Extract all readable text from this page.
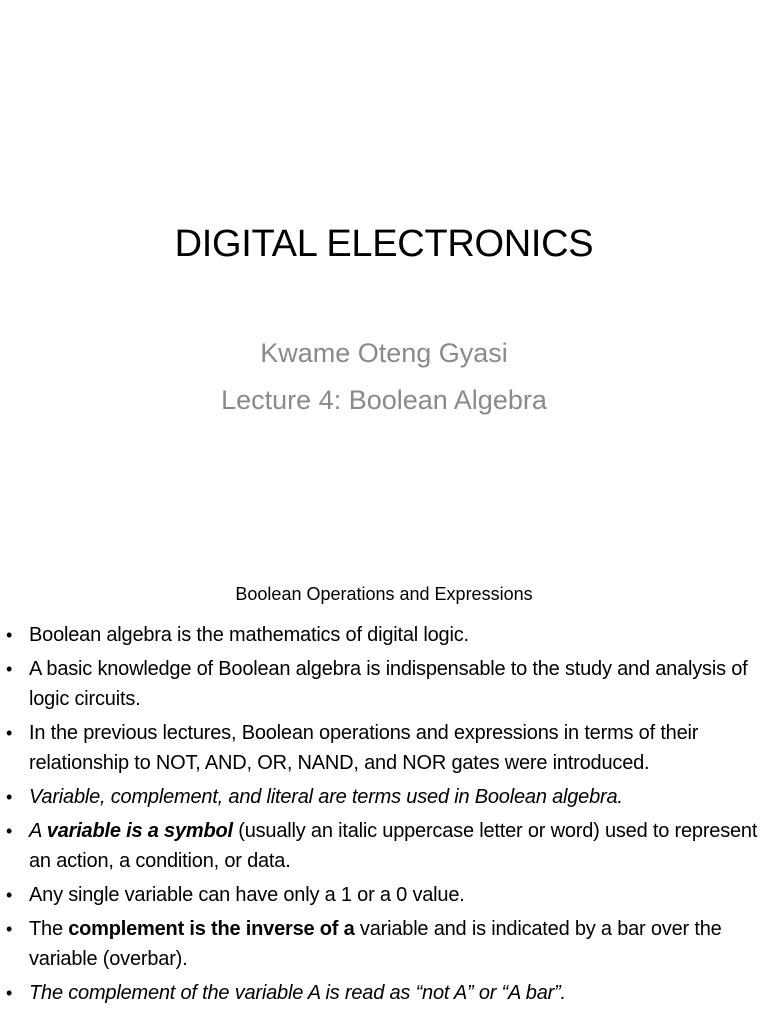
DIGITAL ELECTRONICS
Kwame Oteng Gyasi
Lecture 4: Boolean Algebra
Boolean Operations and Expressions
• Boolean algebra is the mathematics of digital logic.
• A basic knowledge of Boolean algebra is indispensable to the study and analysis of logic circuits.
• In the previous lectures, Boolean operations and expressions in terms of their relationship to NOT, AND, OR, NAND, and NOR gates were introduced.
• Variable, complement, and literal are terms used in Boolean algebra.
• A variable is a symbol (usually an italic uppercase letter or word) used to represent an action, a condition, or data.
• Any single variable can have only a 1 or a 0 value.
• The complement is the inverse of a variable and is indicated by a bar over the variable (overbar).
• The complement of the variable A is read as “not A” or “A bar”.
